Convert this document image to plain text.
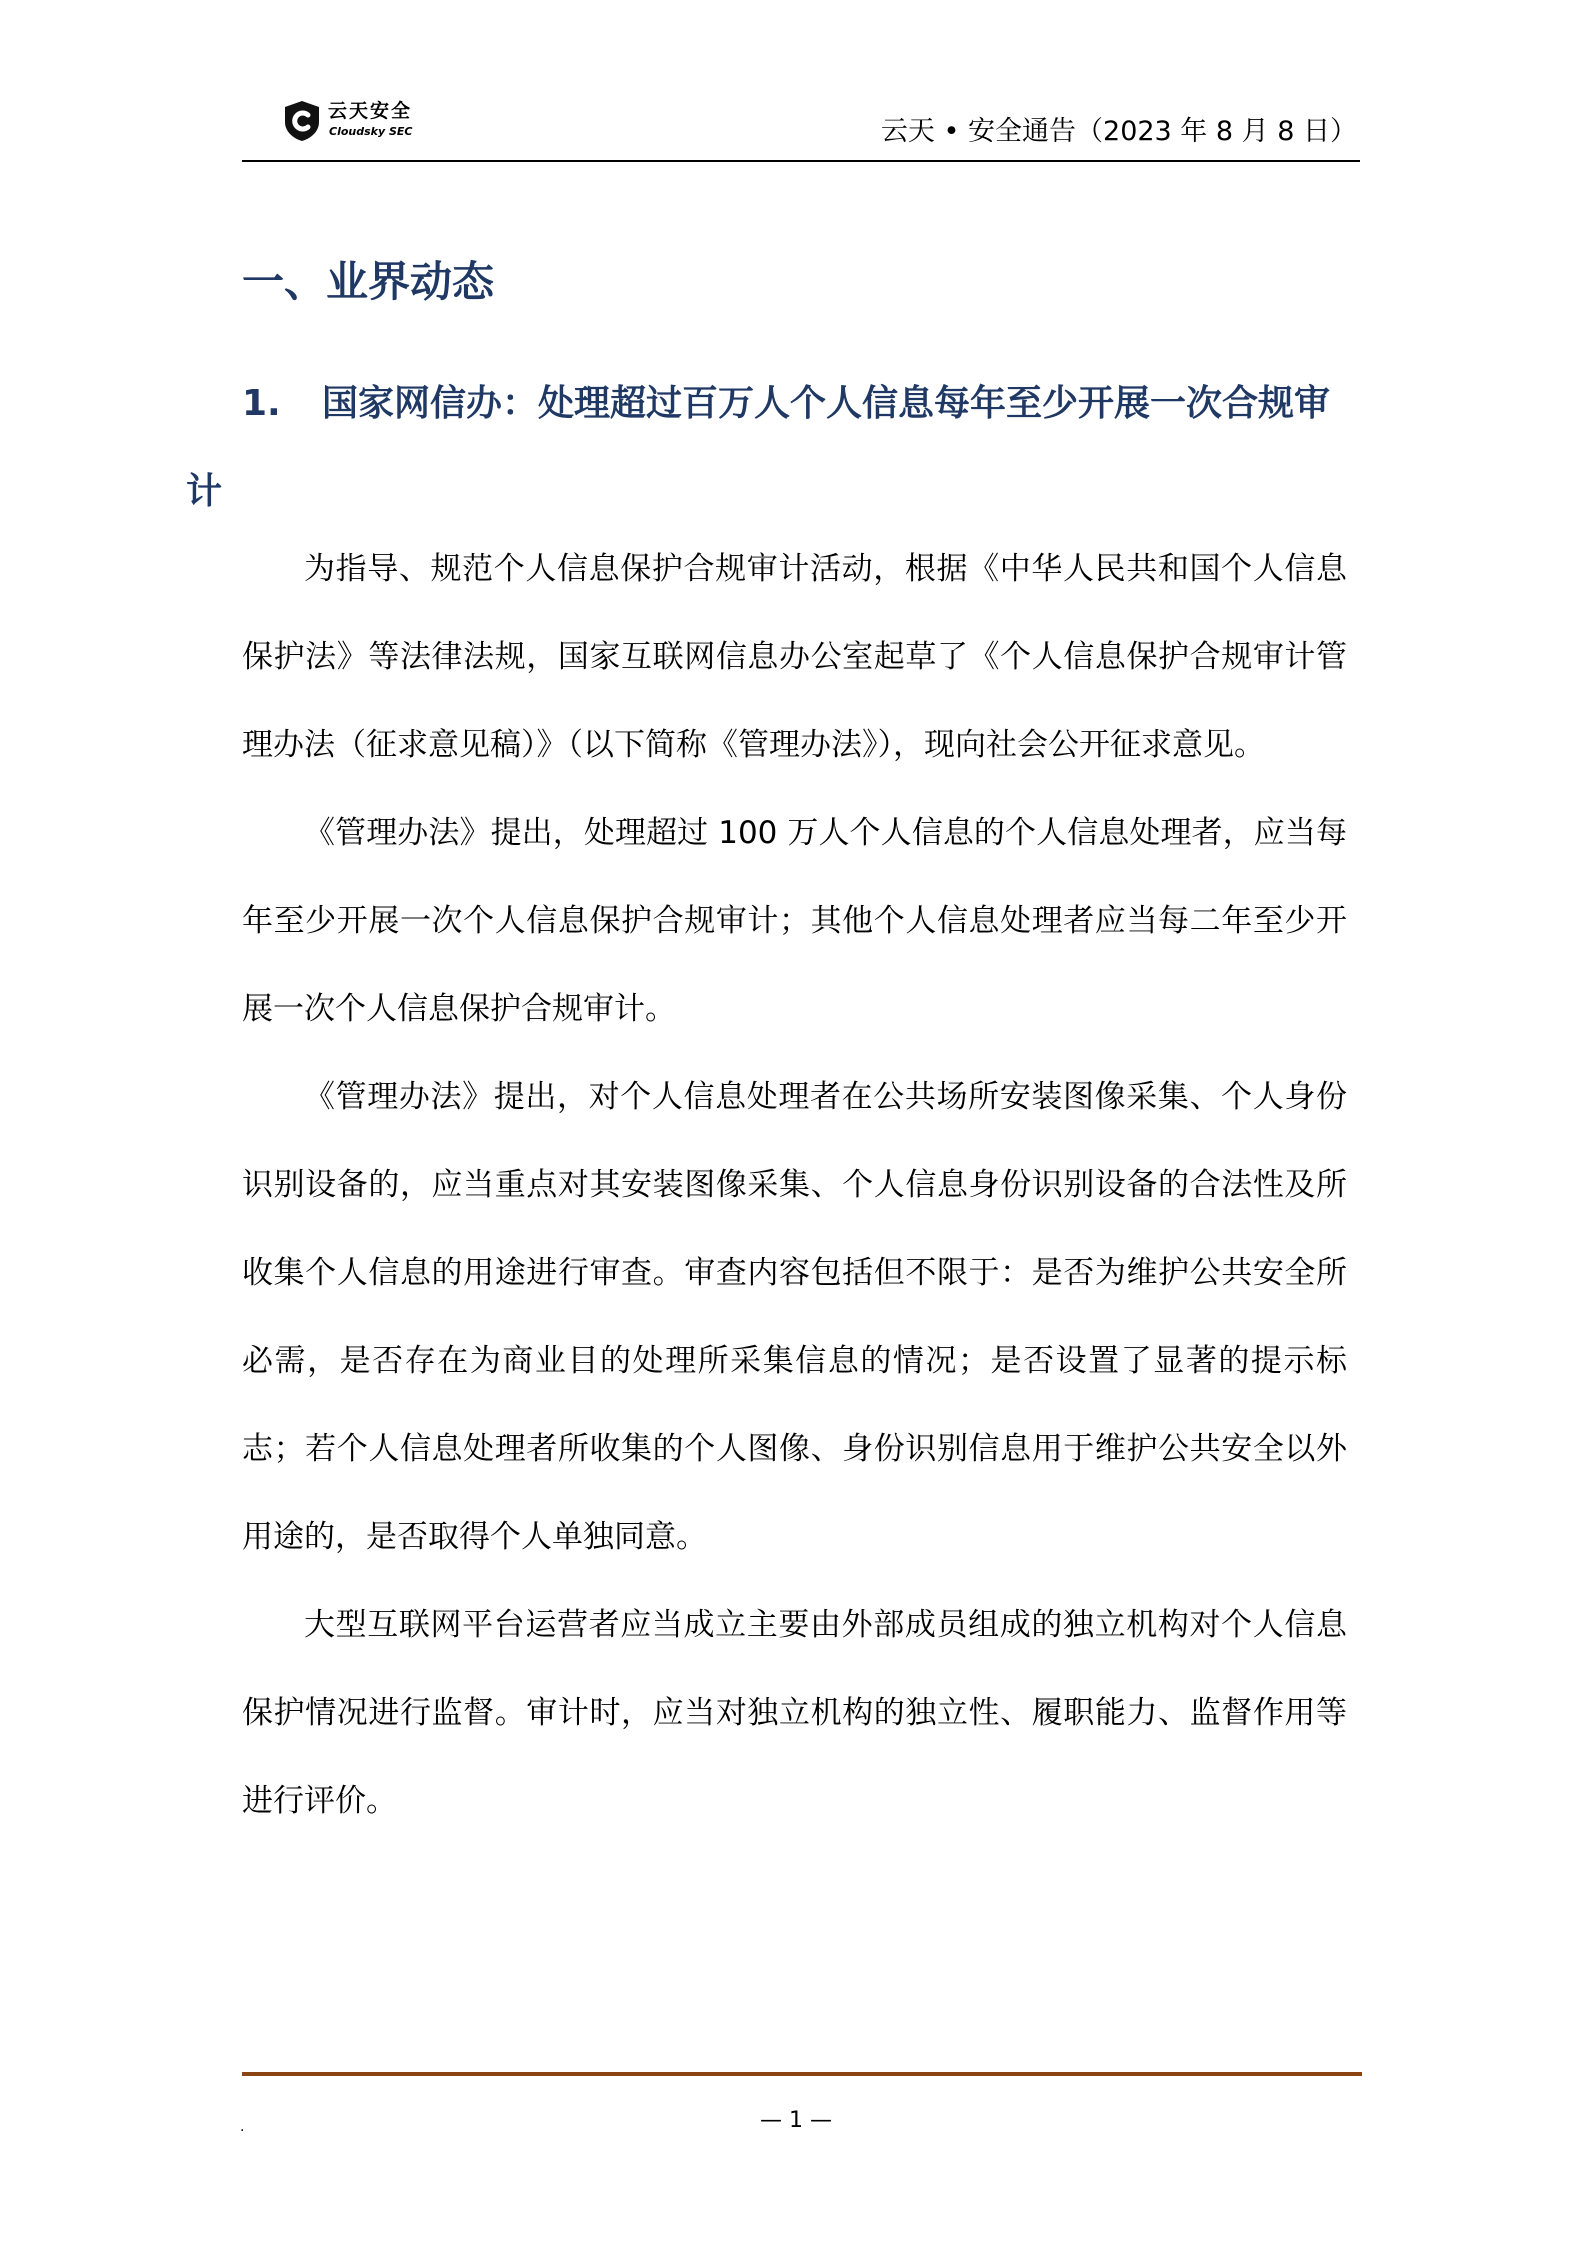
云天安全
Cloudsky SEC	云天 • 安全通告（2023 年 8 月 8 日）
一、业界动态
1. 国家网信办：处理超过百万人个人信息每年至少开展一次合规审计

为指导、规范个人信息保护合规审计活动，根据《中华人民共和国个人信息保护法》等法律法规，国家互联网信息办公室起草了《个人信息保护合规审计管理办法（征求意见稿）》（以下简称《管理办法》），现向社会公开征求意见。

《管理办法》提出，处理超过 100 万人个人信息的个人信息处理者，应当每年至少开展一次个人信息保护合规审计；其他个人信息处理者应当每二年至少开展一次个人信息保护合规审计。

《管理办法》提出，对个人信息处理者在公共场所安装图像采集、个人身份识别设备的，应当重点对其安装图像采集、个人信息身份识别设备的合法性及所收集个人信息的用途进行审查。审查内容包括但不限于：是否为维护公共安全所必需，是否存在为商业目的处理所采集信息的情况；是否设置了显著的提示标志；若个人信息处理者所收集的个人图像、身份识别信息用于维护公共安全以外用途的，是否取得个人单独同意。

大型互联网平台运营者应当成立主要由外部成员组成的独立机构对个人信息保护情况进行监督。审计时，应当对独立机构的独立性、履职能力、监督作用等进行评价。

.	— 1 —
